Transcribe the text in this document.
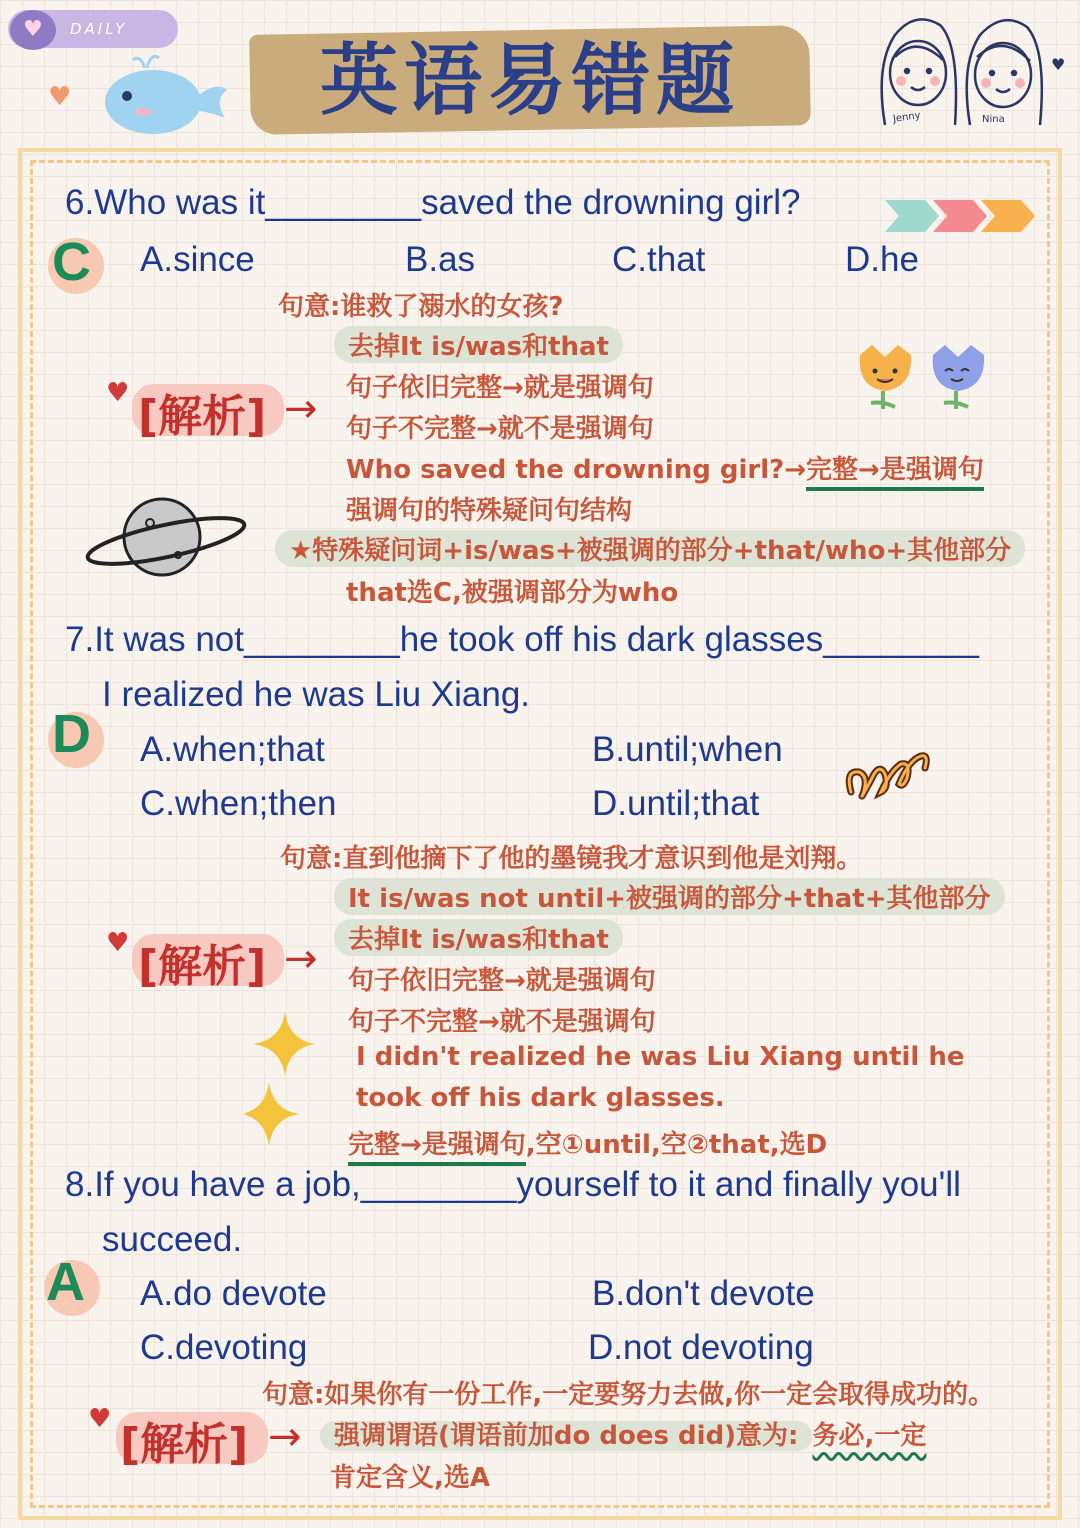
DAILY
♥
♥	英语易错题	♥
Jenny	Nina
6.Who was it________saved the drowning girl?
C	A.since	B.as	C.that	D.he
句意:谁救了溺水的女孩?
去掉It is/was和that
句子依旧完整→就是强调句
句子不完整→就不是强调句
Who saved the drowning girl?→完整→是强调句
强调句的特殊疑问句结构
★特殊疑问词+is/was+被强调的部分+that/who+其他部分
that选C,被强调部分为who
♥ [解析] →
7.It was not________he took off his dark glasses________
I realized he was Liu Xiang.
D	A.when;that	B.until;when
C.when;then	D.until;that
句意:直到他摘下了他的墨镜我才意识到他是刘翔。
It is/was not until+被强调的部分+that+其他部分
去掉It is/was和that
句子依旧完整→就是强调句
句子不完整→就不是强调句
I didn't realized he was Liu Xiang until he
took off his dark glasses.
完整→是强调句,空①until,空②that,选D
♥ [解析] →
8.If you have a job,________yourself to it and finally you'll
succeed.
A	A.do devote	B.don't devote
C.devoting	D.not devoting
句意:如果你有一份工作,一定要努力去做,你一定会取得成功的。
强调谓语(谓语前加do does did)意为: 务必,一定
肯定含义,选A
♥ [解析] →
